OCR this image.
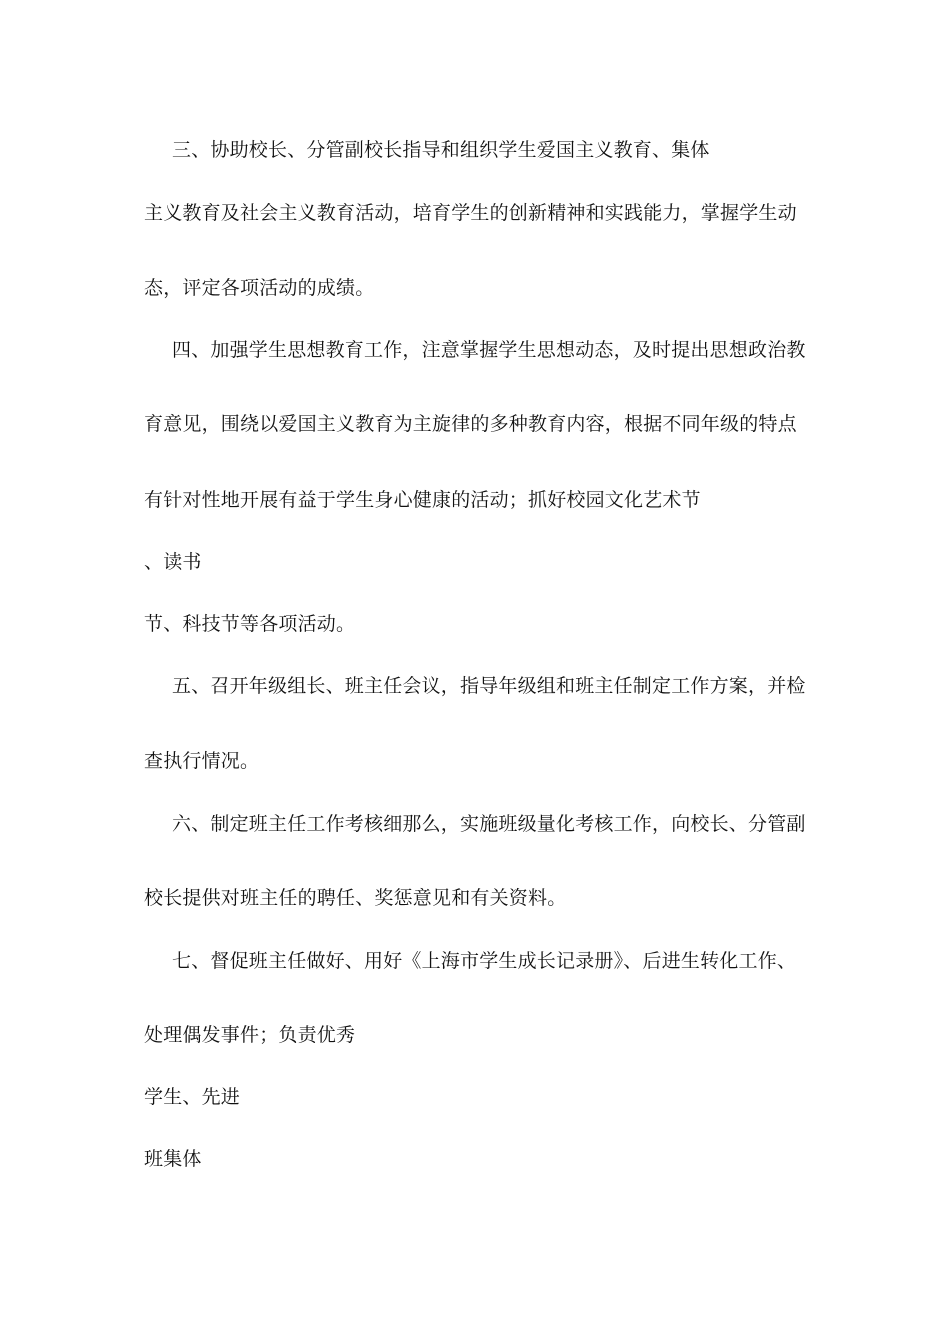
三、协助校长、分管副校长指导和组织学生爱国主义教育、集体
主义教育及社会主义教育活动，培育学生的创新精神和实践能力，掌握学生动
态，评定各项活动的成绩。
四、加强学生思想教育工作，注意掌握学生思想动态，及时提出思想政治教
育意见，围绕以爱国主义教育为主旋律的多种教育内容，根据不同年级的特点
有针对性地开展有益于学生身心健康的活动；抓好校园文化艺术节
、读书
节、科技节等各项活动。
五、召开年级组长、班主任会议，指导年级组和班主任制定工作方案，并检
查执行情况。
六、制定班主任工作考核细那么，实施班级量化考核工作，向校长、分管副
校长提供对班主任的聘任、奖惩意见和有关资料。
七、督促班主任做好、用好《上海市学生成长记录册》、后进生转化工作、
处理偶发事件；负责优秀
学生、先进
班集体
